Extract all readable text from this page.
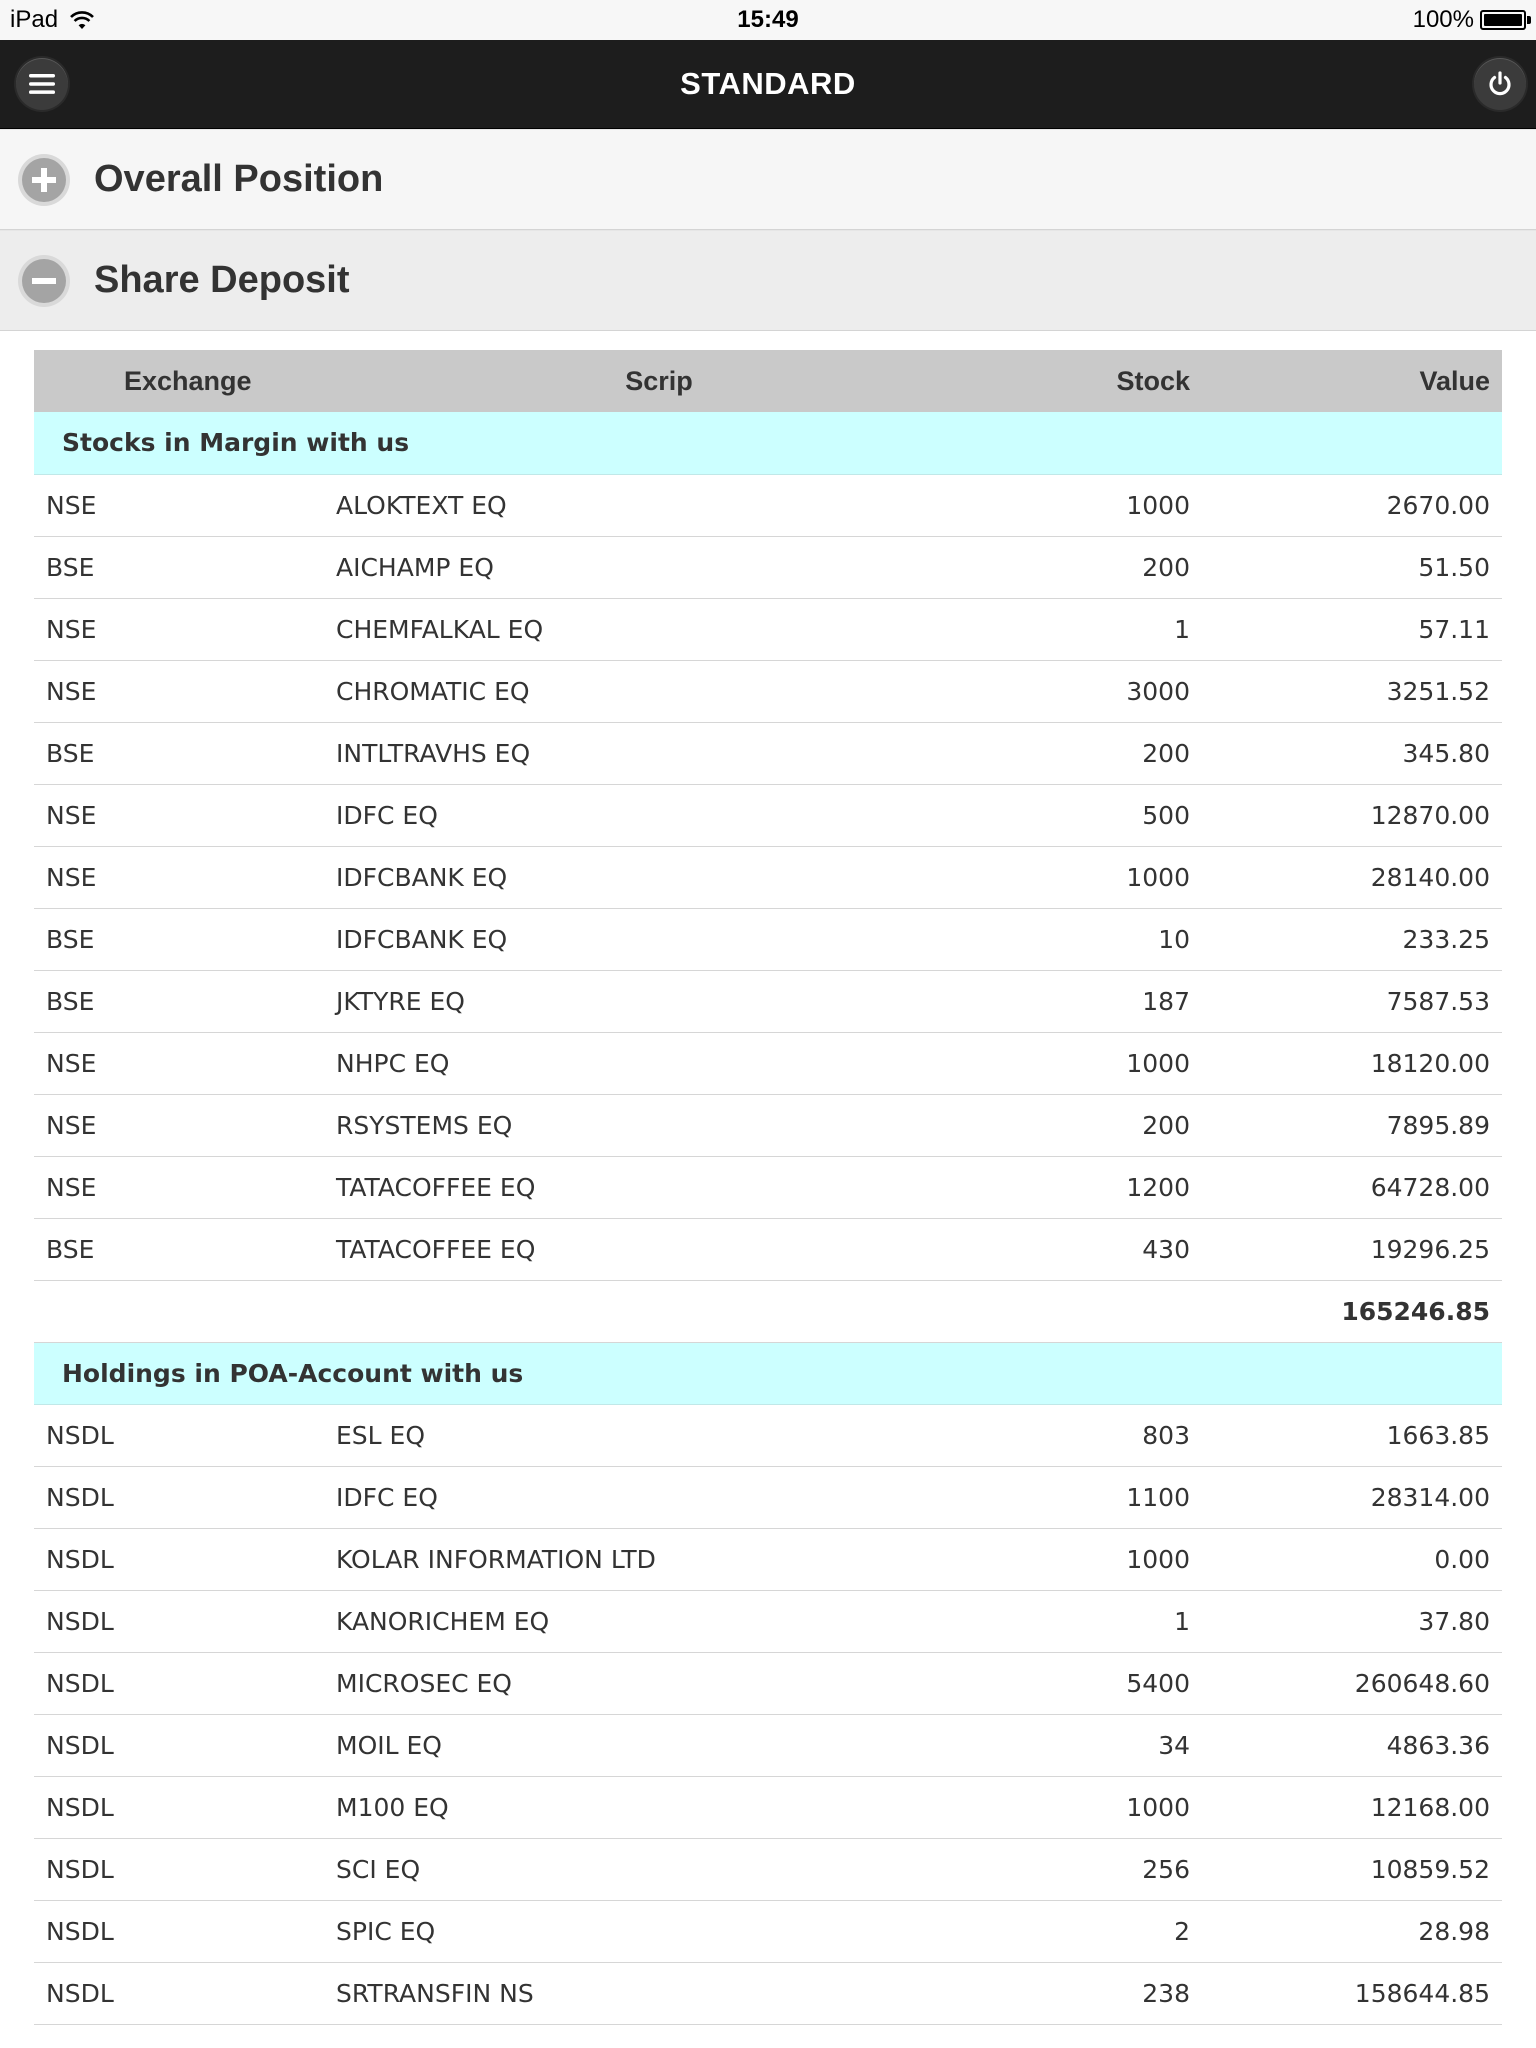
iPad	15:49	100%
STANDARD
Overall Position
Share Deposit
Exchange	Scrip	Stock	Value
Stocks in Margin with us			
NSE	ALOKTEXT EQ	1000	2670.00
BSE	AICHAMP EQ	200	51.50
NSE	CHEMFALKAL EQ	1	57.11
NSE	CHROMATIC EQ	3000	3251.52
BSE	INTLTRAVHS EQ	200	345.80
NSE	IDFC EQ	500	12870.00
NSE	IDFCBANK EQ	1000	28140.00
BSE	IDFCBANK EQ	10	233.25
BSE	JKTYRE EQ	187	7587.53
NSE	NHPC EQ	1000	18120.00
NSE	RSYSTEMS EQ	200	7895.89
NSE	TATACOFFEE EQ	1200	64728.00
BSE	TATACOFFEE EQ	430	19296.25
			165246.85
Holdings in POA-Account with us			
NSDL	ESL EQ	803	1663.85
NSDL	IDFC EQ	1100	28314.00
NSDL	KOLAR INFORMATION LTD	1000	0.00
NSDL	KANORICHEM EQ	1	37.80
NSDL	MICROSEC EQ	5400	260648.60
NSDL	MOIL EQ	34	4863.36
NSDL	M100 EQ	1000	12168.00
NSDL	SCI EQ	256	10859.52
NSDL	SPIC EQ	2	28.98
NSDL	SRTRANSFIN NS	238	158644.85
